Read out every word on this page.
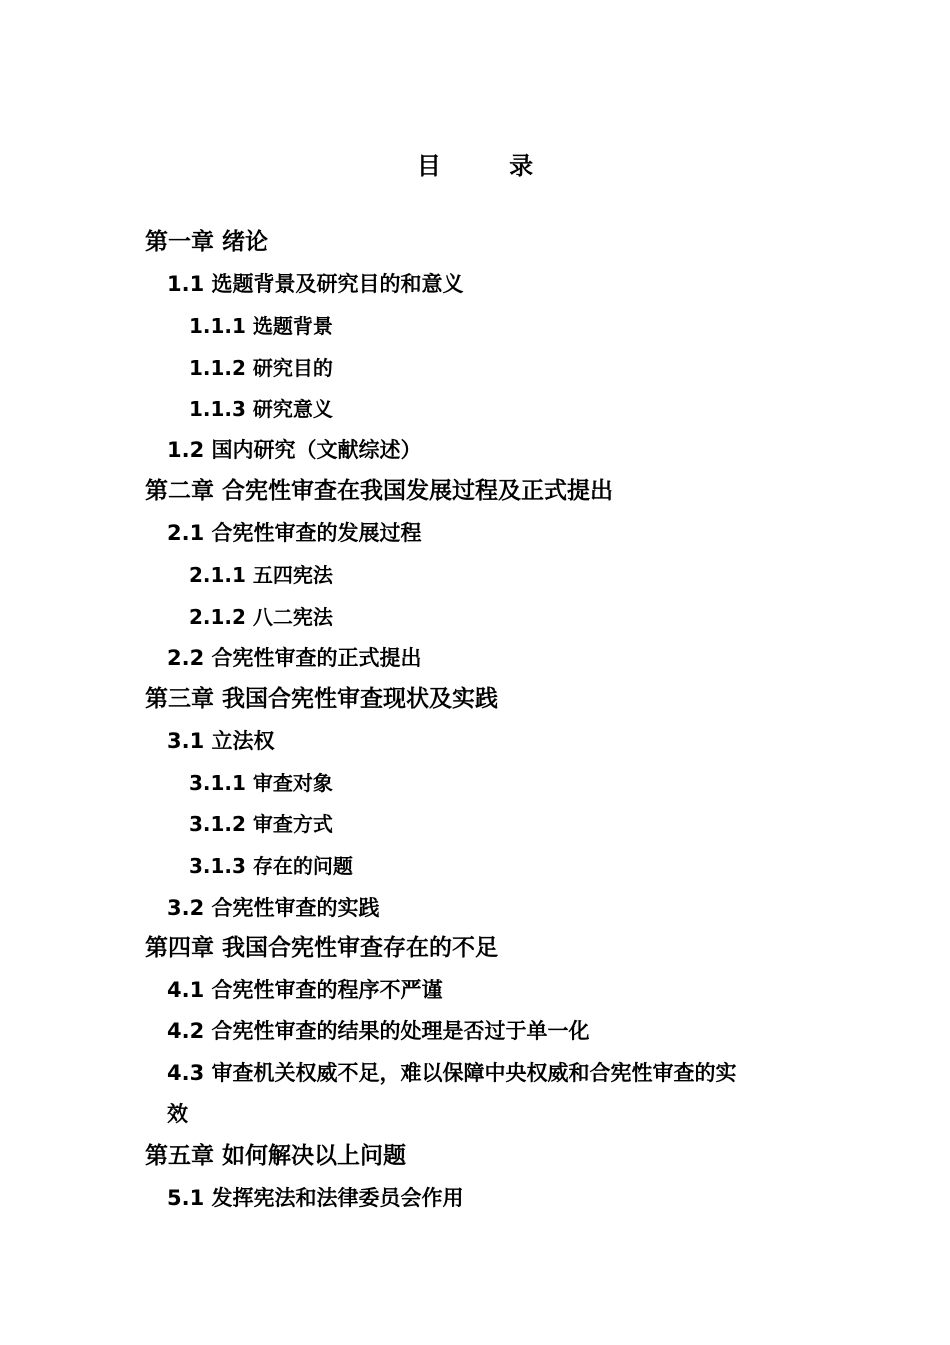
目 录
第一章 绪论
1.1 选题背景及研究目的和意义
1.1.1 选题背景
1.1.2 研究目的
1.1.3 研究意义
1.2 国内研究（文献综述）
第二章 合宪性审查在我国发展过程及正式提出
2.1 合宪性审查的发展过程
2.1.1 五四宪法
2.1.2 八二宪法
2.2 合宪性审查的正式提出
第三章 我国合宪性审查现状及实践
3.1 立法权
3.1.1 审查对象
3.1.2 审查方式
3.1.3 存在的问题
3.2 合宪性审查的实践
第四章 我国合宪性审查存在的不足
4.1 合宪性审查的程序不严谨
4.2 合宪性审查的结果的处理是否过于单一化
4.3 审查机关权威不足，难以保障中央权威和合宪性审查的实
效
第五章 如何解决以上问题
5.1 发挥宪法和法律委员会作用
